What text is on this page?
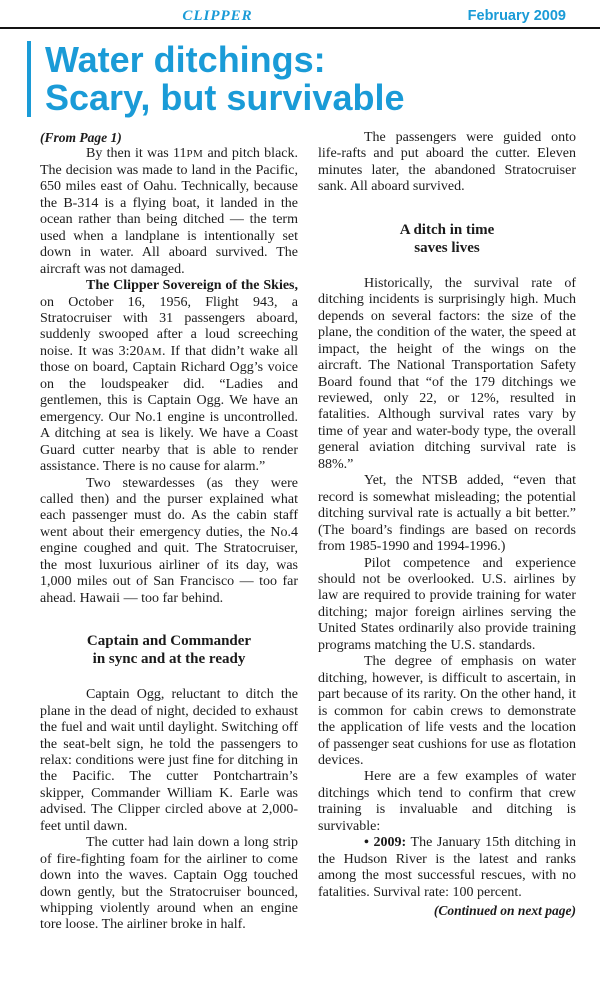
CLIPPER	February 2009
Water ditchings:
Scary, but survivable

(From Page 1)

By then it was 11PM and pitch black. The decision was made to land in the Pacific, 650 miles east of Oahu. Technically, because the B-314 is a flying boat, it landed in the ocean rather than being ditched — the term used when a landplane is intentionally set down in water. All aboard survived. The aircraft was not damaged.

The Clipper Sovereign of the Skies, on October 16, 1956, Flight 943, a Stratocruiser with 31 passengers aboard, suddenly swooped after a loud screeching noise. It was 3:20AM. If that didn’t wake all those on board, Captain Richard Ogg’s voice on the loudspeaker did. “Ladies and gentlemen, this is Captain Ogg. We have an emergency. Our No.1 engine is uncontrolled. A ditching at sea is likely. We have a Coast Guard cutter nearby that is able to render assistance. There is no cause for alarm.”

Two stewardesses (as they were called then) and the purser explained what each passenger must do. As the cabin staff went about their emergency duties, the No.4 engine coughed and quit. The Stratocruiser, the most luxurious airliner of its day, was 1,000 miles out of San Francisco — too far ahead. Hawaii — too far behind.

Captain and Commander
in sync and at the ready

Captain Ogg, reluctant to ditch the plane in the dead of night, decided to exhaust the fuel and wait until daylight. Switching off the seat-belt sign, he told the passengers to relax: conditions were just fine for ditching in the Pacific. The cutter Pontchartrain’s skipper, Commander William K. Earle was advised. The Clipper circled above at 2,000-feet until dawn.

The cutter had lain down a long strip of fire-fighting foam for the airliner to come down into the waves. Captain Ogg touched down gently, but the Stratocruiser bounced, whipping violently around when an engine tore loose. The airliner broke in half.

The passengers were guided onto life-rafts and put aboard the cutter. Eleven minutes later, the abandoned Stratocruiser sank. All aboard survived.

A ditch in time
saves lives

Historically, the survival rate of ditching incidents is surprisingly high. Much depends on several factors: the size of the plane, the condition of the water, the speed at impact, the height of the wings on the aircraft. The National Transportation Safety Board found that “of the 179 ditchings we reviewed, only 22, or 12%, resulted in fatalities. Although survival rates vary by time of year and water-body type, the overall general aviation ditching survival rate is 88%.”

Yet, the NTSB added, “even that record is somewhat misleading; the potential ditching survival rate is actually a bit better.” (The board’s findings are based on records from 1985-1990 and 1994-1996.)

Pilot competence and experience should not be overlooked. U.S. airlines by law are required to provide training for water ditching; major foreign airlines serving the United States ordinarily also provide training programs matching the U.S. standards.

The degree of emphasis on water ditching, however, is difficult to ascertain, in part because of its rarity. On the other hand, it is common for cabin crews to demonstrate the application of life vests and the location of passenger seat cushions for use as flotation devices.

Here are a few examples of water ditchings which tend to confirm that crew training is invaluable and ditching is survivable:

• 2009: The January 15th ditching in the Hudson River is the latest and ranks among the most successful rescues, with no fatalities. Survival rate: 100 percent.

(Continued on next page)
